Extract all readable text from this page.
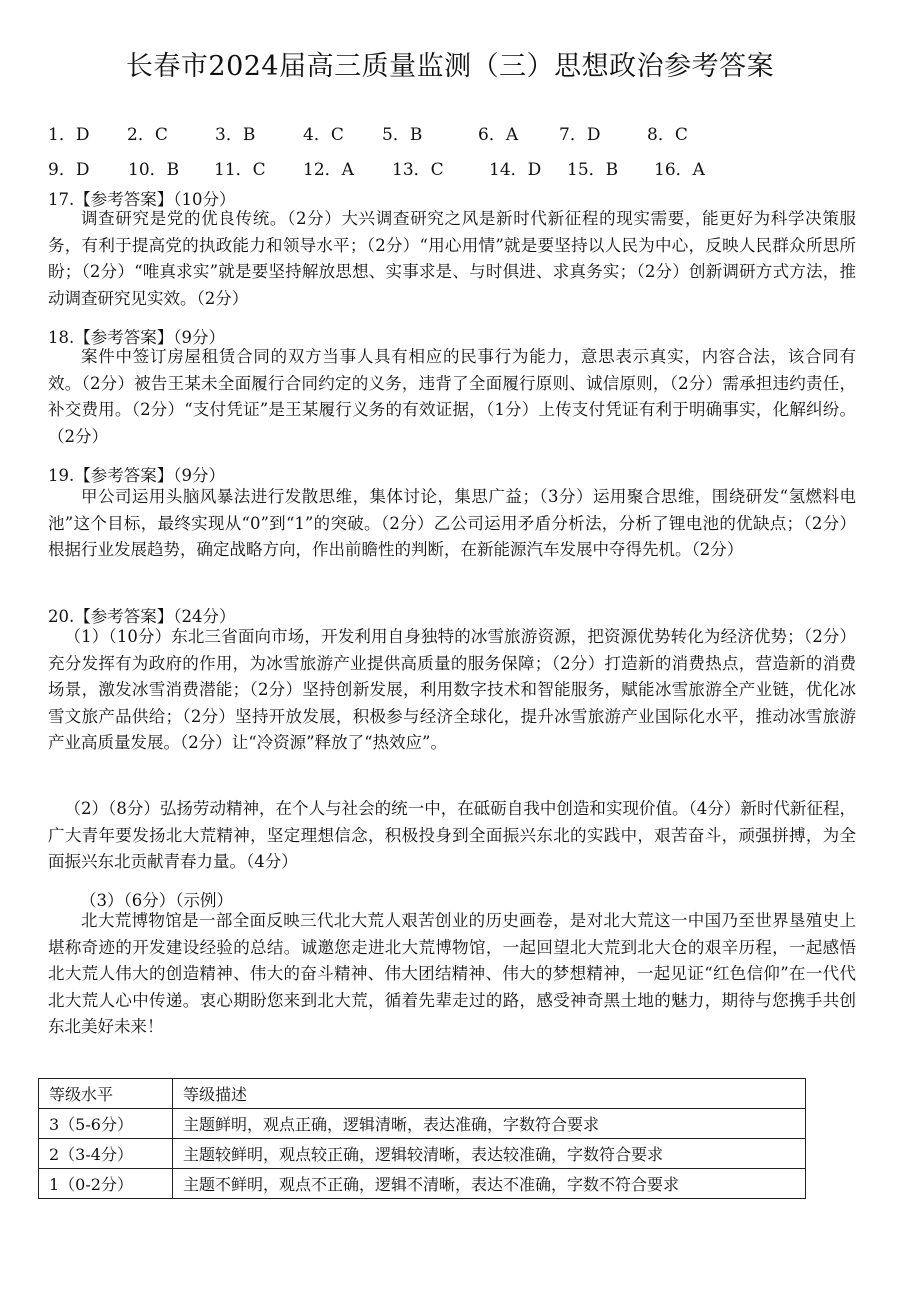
长春市2024届高三质量监测（三）思想政治参考答案
1．D 2．C	3．B	4．C 5．B	6．A 7．D	8．C
9．D 10．B 11．C 12．A 13．C	14．D 15．B 16．A
17.【参考答案】（10分）
调查研究是党的优良传统。（2分）大兴调查研究之风是新时代新征程的现实需要，能更好为科学决策服务，有利于提高党的执政能力和领导水平；（2分）“用心用情”就是要坚持以人民为中心，反映人民群众所思所盼；（2分）“唯真求实”就是要坚持解放思想、实事求是、与时俱进、求真务实；（2分）创新调研方式方法，推动调查研究见实效。（2分）
18.【参考答案】（9分）
案件中签订房屋租赁合同的双方当事人具有相应的民事行为能力，意思表示真实，内容合法，该合同有效。（2分）被告王某未全面履行合同约定的义务，违背了全面履行原则、诚信原则，（2分）需承担违约责任，补交费用。（2分）“支付凭证”是王某履行义务的有效证据，（1分）上传支付凭证有利于明确事实，化解纠纷。（2分）
19.【参考答案】（9分）
甲公司运用头脑风暴法进行发散思维，集体讨论，集思广益；（3分）运用聚合思维，围绕研发“氢燃料电池”这个目标，最终实现从“0”到“1”的突破。（2分）乙公司运用矛盾分析法，分析了锂电池的优缺点；（2分）根据行业发展趋势，确定战略方向，作出前瞻性的判断，在新能源汽车发展中夺得先机。（2分）
20.【参考答案】（24分）
（1）（10分）东北三省面向市场，开发利用自身独特的冰雪旅游资源，把资源优势转化为经济优势；（2分）充分发挥有为政府的作用，为冰雪旅游产业提供高质量的服务保障；（2分）打造新的消费热点，营造新的消费场景，激发冰雪消费潜能；（2分）坚持创新发展，利用数字技术和智能服务，赋能冰雪旅游全产业链，优化冰雪文旅产品供给；（2分）坚持开放发展，积极参与经济全球化，提升冰雪旅游产业国际化水平，推动冰雪旅游产业高质量发展。（2分）让“冷资源”释放了“热效应”。
（2）（8分）弘扬劳动精神，在个人与社会的统一中，在砥砺自我中创造和实现价值。（4分）新时代新征程，广大青年要发扬北大荒精神，坚定理想信念，积极投身到全面振兴东北的实践中，艰苦奋斗，顽强拼搏，为全面振兴东北贡献青春力量。（4分）
（3）（6分）（示例）
北大荒博物馆是一部全面反映三代北大荒人艰苦创业的历史画卷，是对北大荒这一中国乃至世界垦殖史上堪称奇迹的开发建设经验的总结。诚邀您走进北大荒博物馆，一起回望北大荒到北大仓的艰辛历程，一起感悟北大荒人伟大的创造精神、伟大的奋斗精神、伟大团结精神、伟大的梦想精神，一起见证“红色信仰”在一代代北大荒人心中传递。衷心期盼您来到北大荒，循着先辈走过的路，感受神奇黑土地的魅力，期待与您携手共创东北美好未来！
等级水平	等级描述
3（5-6分）	主题鲜明，观点正确，逻辑清晰，表达准确，字数符合要求
2（3-4分）	主题较鲜明，观点较正确，逻辑较清晰，表达较准确，字数符合要求
1（0-2分）	主题不鲜明，观点不正确，逻辑不清晰，表达不准确，字数不符合要求
